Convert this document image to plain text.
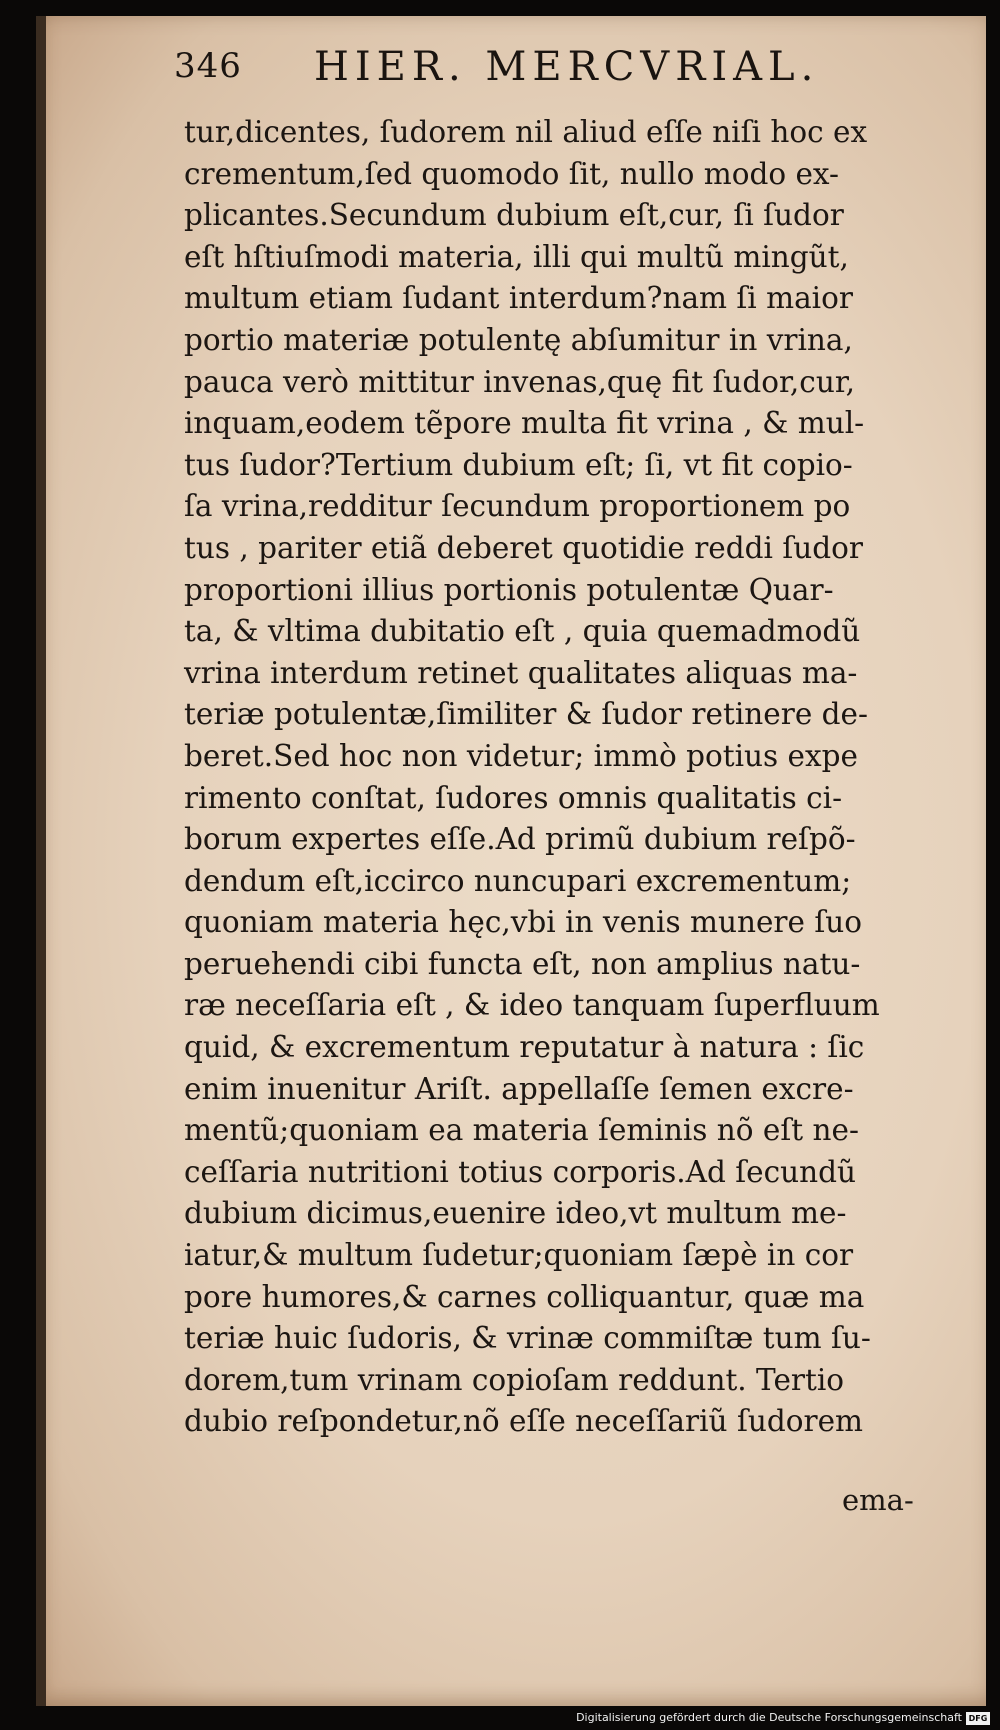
346 HIER. MERCVRIAL.
tur,dicentes, ſudorem nil aliud eſſe niſi hoc ex
crementum,ſed quomodo ſit, nullo modo ex-
plicantes.Secundum dubium eſt,cur, ſi ſudor
eſt hſtiuſmodi materia, illi qui multũ mingũt,
multum etiam ſudant interdum?nam ſi maior
portio materiæ potulentę abſumitur in vrina,
pauca verò mittitur invenas,quę fit ſudor,cur,
inquam,eodem tẽpore multa fit vrina , & mul-
tus ſudor?Tertium dubium eſt; ſi, vt fit copio-
ſa vrina,redditur ſecundum proportionem po
tus , pariter etiã deberet quotidie reddi ſudor
proportioni illius portionis potulentæ Quar-
ta, & vltima dubitatio eſt , quia quemadmodũ
vrina interdum retinet qualitates aliquas ma-
teriæ potulentæ,ſimiliter & ſudor retinere de-
beret.Sed hoc non videtur; immò potius expe
rimento conſtat, ſudores omnis qualitatis ci-
borum expertes eſſe.Ad primũ dubium reſpõ-
dendum eſt,iccirco nuncupari excrementum;
quoniam materia hęc,vbi in venis munere ſuo
peruehendi cibi functa eſt, non amplius natu-
ræ neceſſaria eſt , & ideo tanquam ſuperfluum
quid, & excrementum reputatur à natura : ſic
enim inuenitur Ariſt. appellaſſe ſemen excre-
mentũ;quoniam ea materia ſeminis nõ eſt ne-
ceſſaria nutritioni totius corporis.Ad ſecundũ
dubium dicimus,euenire ideo,vt multum me-
iatur,& multum ſudetur;quoniam ſæpè in cor
pore humores,& carnes colliquantur, quæ ma
teriæ huic ſudoris, & vrinæ commiſtæ tum ſu-
dorem,tum vrinam copioſam reddunt. Tertio
dubio reſpondetur,nõ eſſe neceſſariũ ſudorem
ema-
Digitalisierung gefördert durch die Deutsche Forschungsgemeinschaft DFG
